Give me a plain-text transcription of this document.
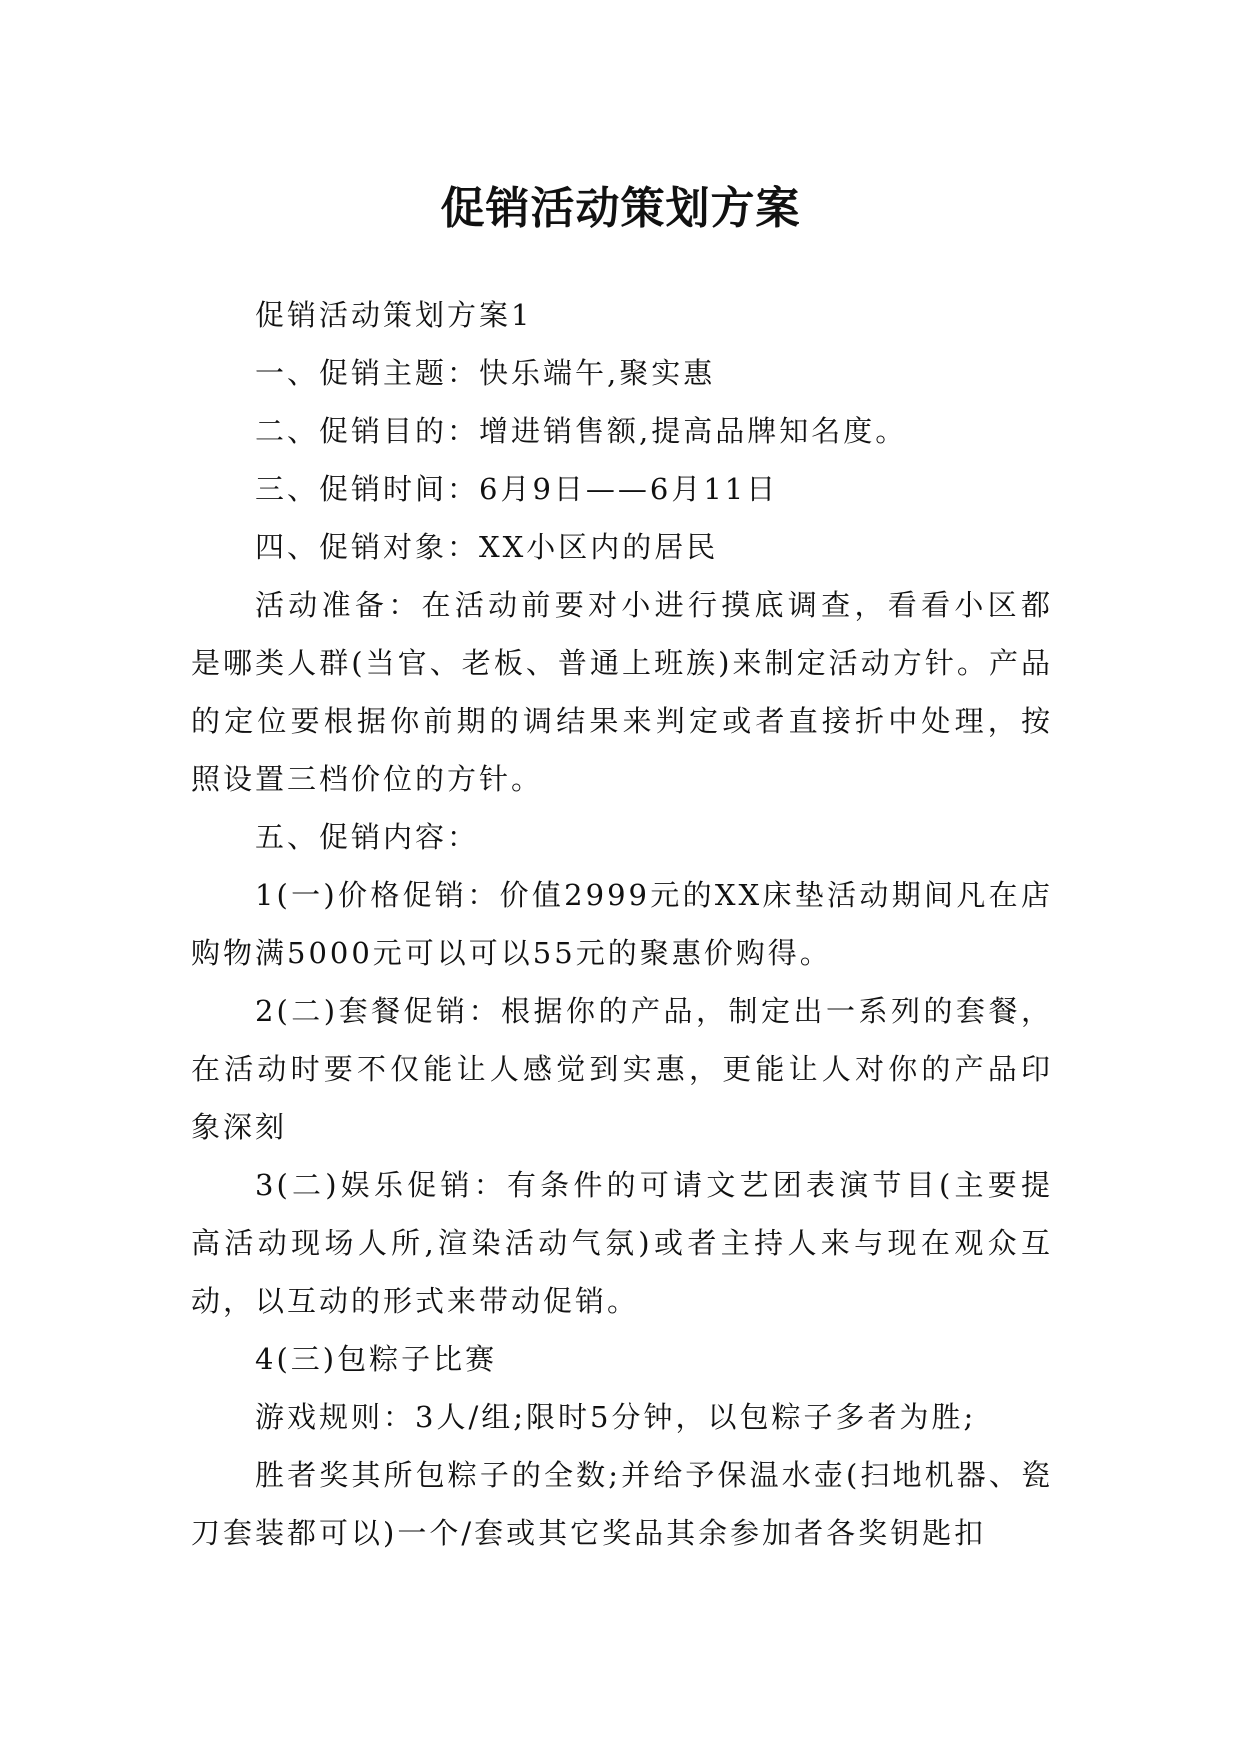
促销活动策划方案

促销活动策划方案1

一、促销主题：快乐端午,聚实惠

二、促销目的：增进销售额,提高品牌知名度。

三、促销时间：6月9日——6月11日

四、促销对象：XX小区内的居民

活动准备：在活动前要对小进行摸底调查，看看小区都是哪类人群(当官、老板、普通上班族)来制定活动方针。产品的定位要根据你前期的调结果来判定或者直接折中处理，按照设置三档价位的方针。

五、促销内容：

1(一)价格促销：价值2999元的XX床垫活动期间凡在店购物满5000元可以可以55元的聚惠价购得。

2(二)套餐促销：根据你的产品，制定出一系列的套餐，在活动时要不仅能让人感觉到实惠，更能让人对你的产品印象深刻

3(二)娱乐促销：有条件的可请文艺团表演节目(主要提高活动现场人所,渲染活动气氛)或者主持人来与现在观众互动，以互动的形式来带动促销。

4(三)包粽子比赛

游戏规则：3人/组;限时5分钟，以包粽子多者为胜;

胜者奖其所包粽子的全数;并给予保温水壶(扫地机器、瓷刀套装都可以)一个/套或其它奖品其余参加者各奖钥匙扣
